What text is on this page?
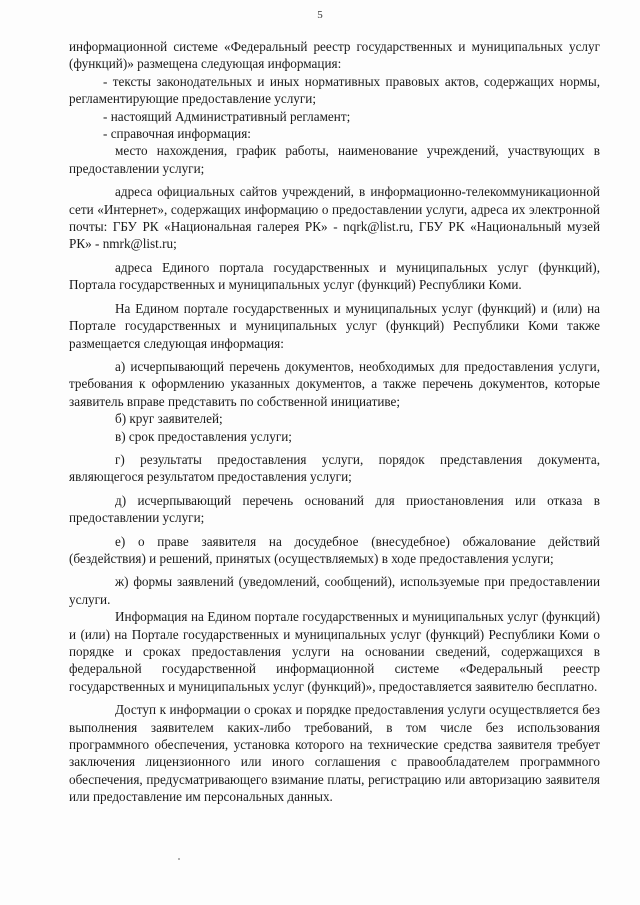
5

информационной системе «Федеральный реестр государственных и муниципальных услуг (функций)» размещена следующая информация:

- тексты законодательных и иных нормативных правовых актов, содержащих нормы, регламентирующие предоставление услуги;

- настоящий Административный регламент;

- справочная информация:

место нахождения, график работы, наименование учреждений, участвующих в предоставлении услуги;

адреса официальных сайтов учреждений, в информационно-телекоммуникационной сети «Интернет», содержащих информацию о предоставлении услуги, адреса их электронной почты: ГБУ РК «Национальная галерея РК» - nqrk@list.ru, ГБУ РК «Национальный музей РК» - nmrk@list.ru;

адреса Единого портала государственных и муниципальных услуг (функций), Портала государственных и муниципальных услуг (функций) Республики Коми.

На Едином портале государственных и муниципальных услуг (функций) и (или) на Портале государственных и муниципальных услуг (функций) Республики Коми также размещается следующая информация:

а) исчерпывающий перечень документов, необходимых для предоставления услуги, требования к оформлению указанных документов, а также перечень документов, которые заявитель вправе представить по собственной инициативе;

б) круг заявителей;

в) срок предоставления услуги;

г) результаты предоставления услуги, порядок представления документа, являющегося результатом предоставления услуги;

д) исчерпывающий перечень оснований для приостановления или отказа в предоставлении услуги;

е) о праве заявителя на досудебное (внесудебное) обжалование действий (бездействия) и решений, принятых (осуществляемых) в ходе предоставления услуги;

ж) формы заявлений (уведомлений, сообщений), используемые при предоставлении услуги.

Информация на Едином портале государственных и муниципальных услуг (функций) и (или) на Портале государственных и муниципальных услуг (функций) Республики Коми о порядке и сроках предоставления услуги на основании сведений, содержащихся в федеральной государственной информационной системе «Федеральный реестр государственных и муниципальных услуг (функций)», предоставляется заявителю бесплатно.

Доступ к информации о сроках и порядке предоставления услуги осуществляется без выполнения заявителем каких-либо требований, в том числе без использования программного обеспечения, установка которого на технические средства заявителя требует заключения лицензионного или иного соглашения с правообладателем программного обеспечения, предусматривающего взимание платы, регистрацию или авторизацию заявителя или предоставление им персональных данных.
